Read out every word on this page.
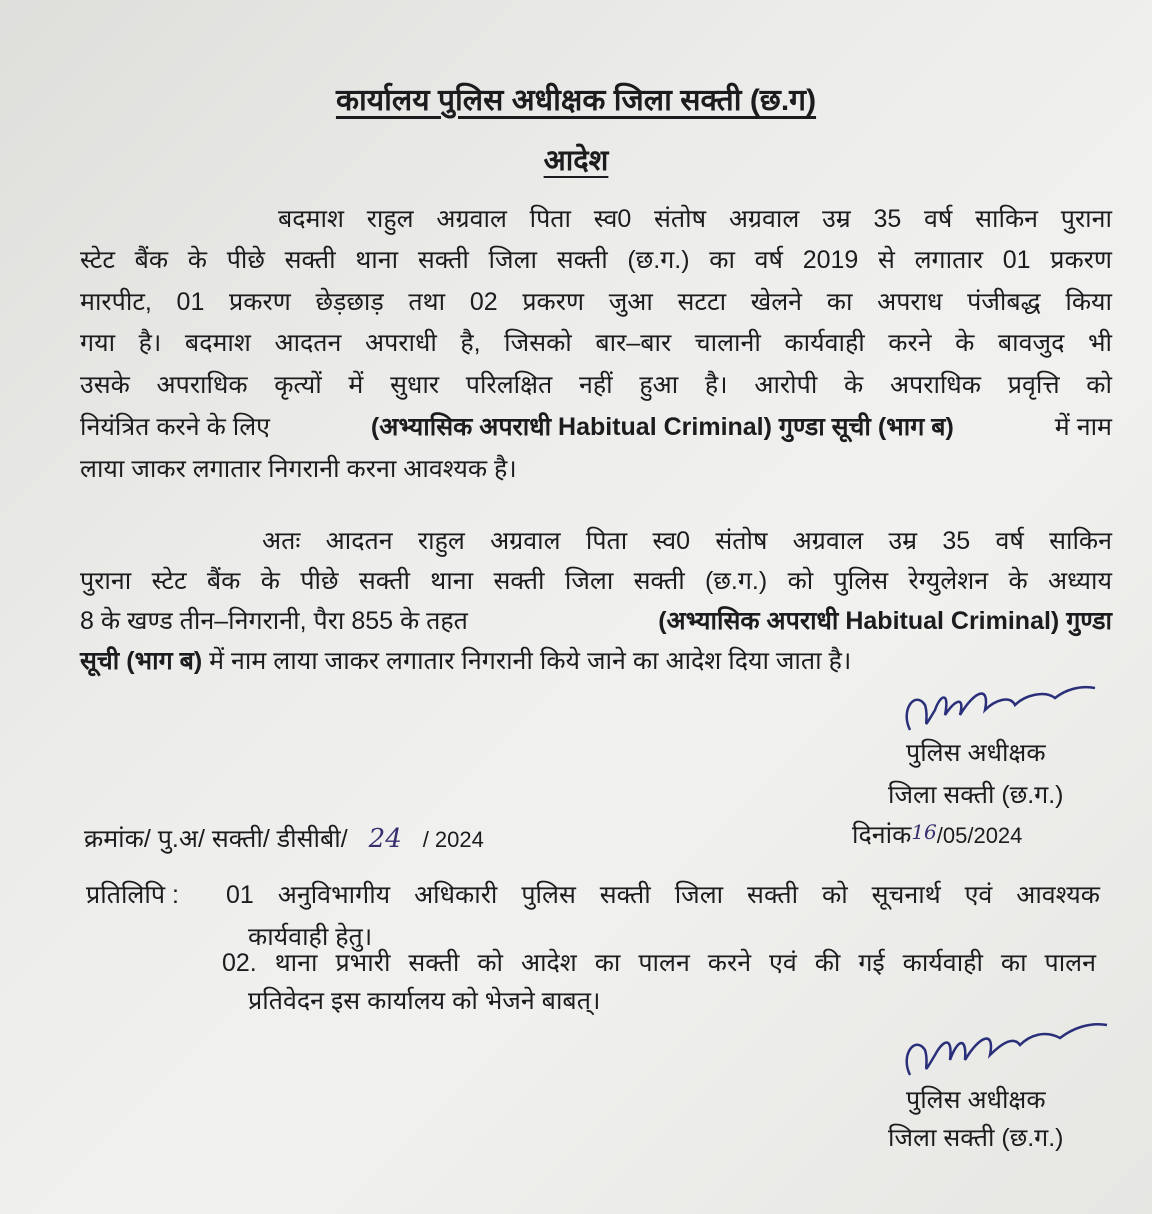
कार्यालय पुलिस अधीक्षक जिला सक्ती (छ.ग)
आदेश
बदमाश राहुल अग्रवाल पिता स्व0 संतोष अग्रवाल उम्र 35 वर्ष साकिन पुराना
स्टेट बैंक के पीछे सक्ती थाना सक्ती जिला सक्ती (छ.ग.) का वर्ष 2019 से लगातार 01 प्रकरण
मारपीट, 01 प्रकरण छेड़छाड़ तथा 02 प्रकरण जुआ सटटा खेलने का अपराध पंजीबद्ध किया
गया है। बदमाश आदतन अपराधी है, जिसको बार–बार चालानी कार्यवाही करने के बावजुद भी
उसके अपराधिक कृत्यों में सुधार परिलक्षित नहीं हुआ है। आरोपी के अपराधिक प्रवृत्ति को
नियंत्रित करने के लिए	(अभ्यासिक अपराधी Habitual Criminal) गुण्डा सूची (भाग ब)	में नाम
लाया जाकर लगातार निगरानी करना आवश्यक है।
अतः आदतन राहुल अग्रवाल पिता स्व0 संतोष अग्रवाल उम्र 35 वर्ष साकिन
पुराना स्टेट बैंक के पीछे सक्ती थाना सक्ती जिला सक्ती (छ.ग.) को पुलिस रेग्युलेशन के अध्याय
8 के खण्ड तीन–निगरानी, पैरा 855 के तहत	(अभ्यासिक अपराधी Habitual Criminal) गुण्डा
सूची (भाग ब) में नाम लाया जाकर लगातार निगरानी किये जाने का आदेश दिया जाता है।
पुलिस अधीक्षक
जिला सक्ती (छ.ग.)
क्रमांक/ पु.अ/ सक्ती/ डीसीबी/ 24 / 2024	दिनांक16/05/2024
प्रतिलिपि : 01 अनुविभागीय अधिकारी पुलिस सक्ती जिला सक्ती को सूचनार्थ एवं आवश्यक
कार्यवाही हेतु।
02. थाना प्रभारी सक्ती को आदेश का पालन करने एवं की गई कार्यवाही का पालन
प्रतिवेदन इस कार्यालय को भेजने बाबत्।
पुलिस अधीक्षक
जिला सक्ती (छ.ग.)
